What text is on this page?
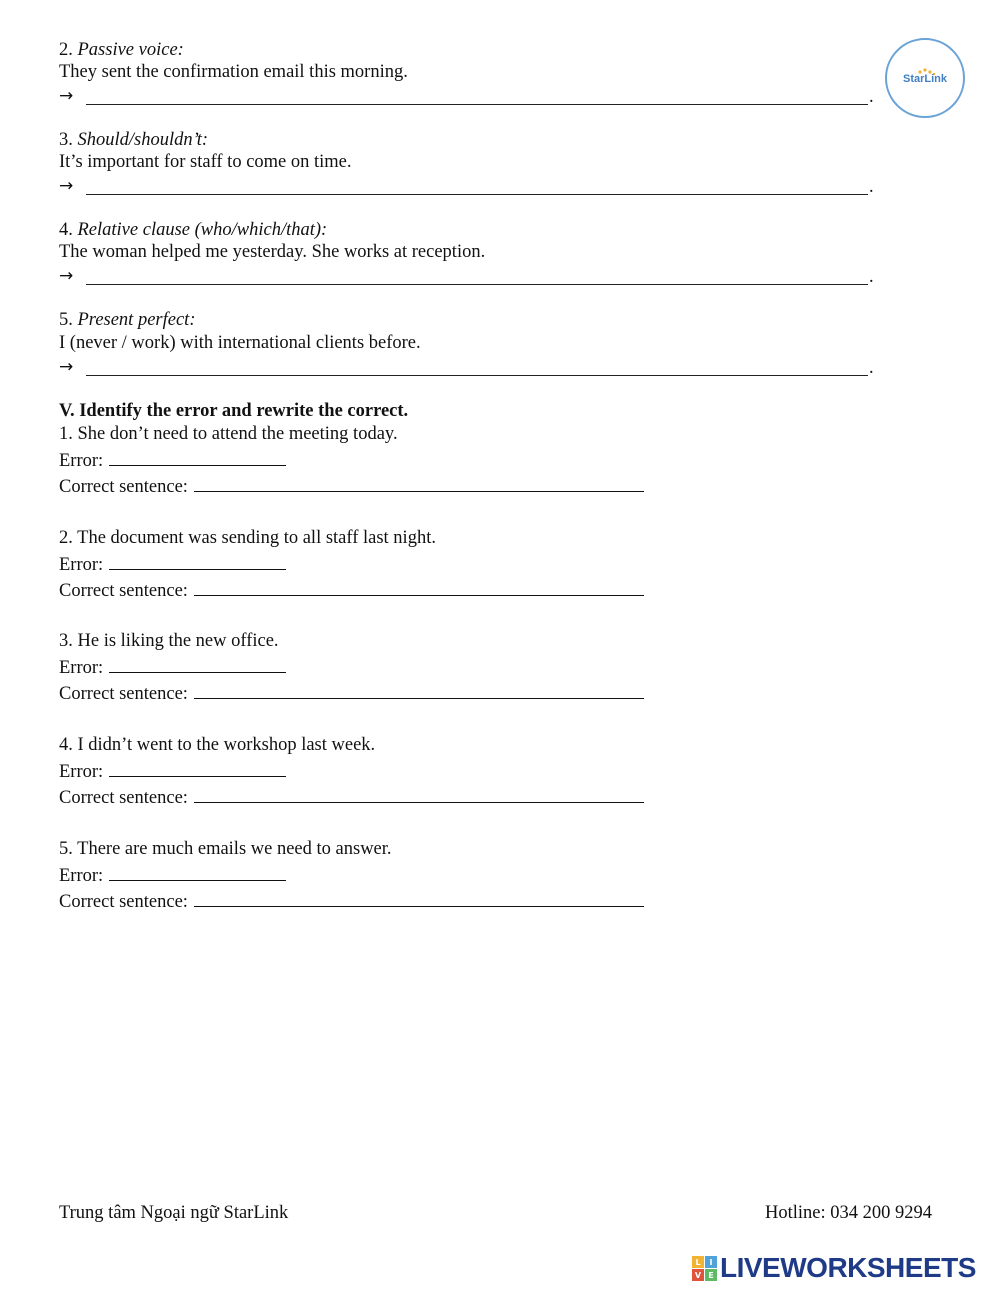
StarLink
2. Passive voice:
They sent the confirmation email this morning.
→	.
3. Should/shouldn’t:
It’s important for staff to come on time.
→	.
4. Relative clause (who/which/that):
The woman helped me yesterday. She works at reception.
→	.
5. Present perfect:
I (never / work) with international clients before.
→	.
V. Identify the error and rewrite the correct.
1. She don’t need to attend the meeting today.
Error:
Correct sentence:
2. The document was sending to all staff last night.
Error:
Correct sentence:
3. He is liking the new office.
Error:
Correct sentence:
4. I didn’t went to the workshop last week.
Error:
Correct sentence:
5. There are much emails we need to answer.
Error:
Correct sentence:
Trung tâm Ngoại ngữ StarLink	Hotline: 034 200 9294
L I
V E LIVEWORKSHEETS
